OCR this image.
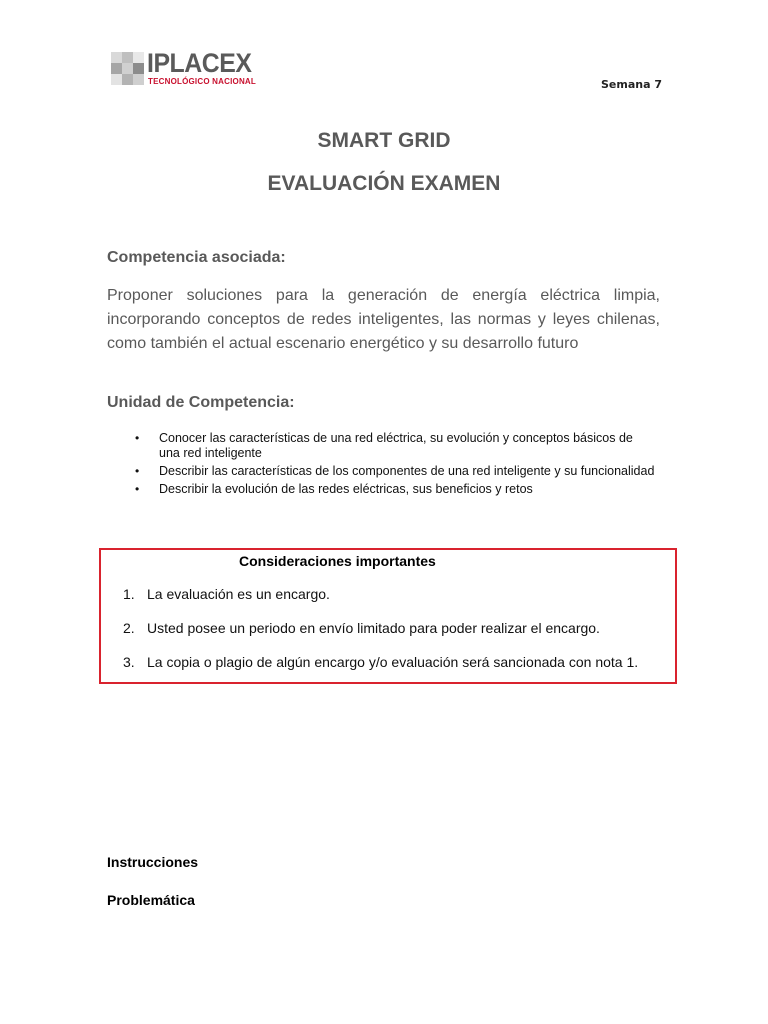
IPLACEX
TECNOLÓGICO NACIONAL	Semana 7
SMART GRID
EVALUACIÓN EXAMEN
Competencia asociada:
Proponer soluciones para la generación de energía eléctrica limpia, incorporando conceptos de redes inteligentes, las normas y leyes chilenas, como también el actual escenario energético y su desarrollo futuro
Unidad de Competencia:
• Conocer las características de una red eléctrica, su evolución y conceptos básicos de una red inteligente
• Describir las características de los componentes de una red inteligente y su funcionalidad
• Describir la evolución de las redes eléctricas, sus beneficios y retos
Consideraciones importantes
1. La evaluación es un encargo.
2. Usted posee un periodo en envío limitado para poder realizar el encargo.
3. La copia o plagio de algún encargo y/o evaluación será sancionada con nota 1.
Instrucciones
Problemática
